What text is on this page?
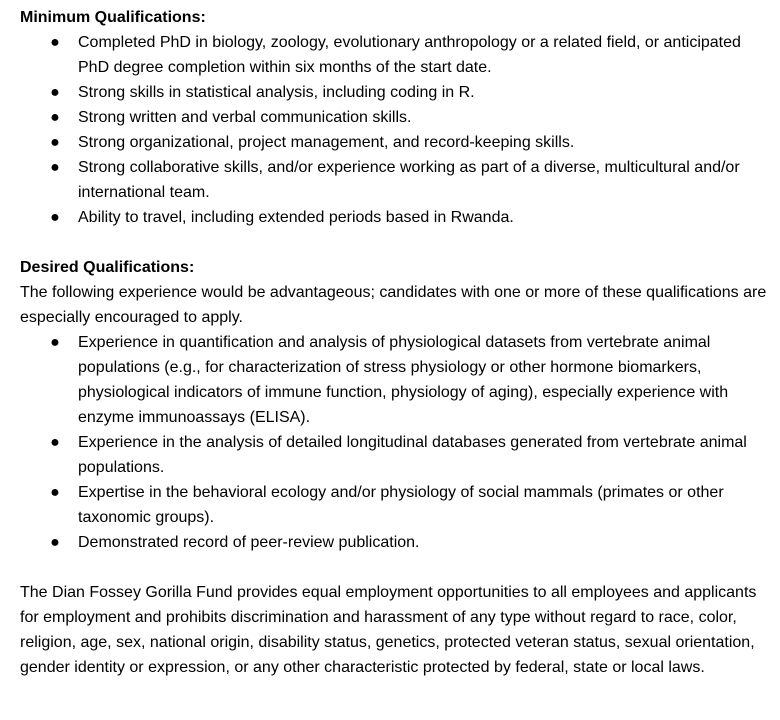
Minimum Qualifications:

● Completed PhD in biology, zoology, evolutionary anthropology or a related field, or anticipated PhD degree completion within six months of the start date.
● Strong skills in statistical analysis, including coding in R.
● Strong written and verbal communication skills.
● Strong organizational, project management, and record-keeping skills.
● Strong collaborative skills, and/or experience working as part of a diverse, multicultural and/or international team.
● Ability to travel, including extended periods based in Rwanda.

Desired Qualifications:

The following experience would be advantageous; candidates with one or more of these qualifications are especially encouraged to apply.

● Experience in quantification and analysis of physiological datasets from vertebrate animal populations (e.g., for characterization of stress physiology or other hormone biomarkers, physiological indicators of immune function, physiology of aging), especially experience with enzyme immunoassays (ELISA).
● Experience in the analysis of detailed longitudinal databases generated from vertebrate animal populations.
● Expertise in the behavioral ecology and/or physiology of social mammals (primates or other taxonomic groups).
● Demonstrated record of peer-review publication.

The Dian Fossey Gorilla Fund provides equal employment opportunities to all employees and applicants for employment and prohibits discrimination and harassment of any type without regard to race, color, religion, age, sex, national origin, disability status, genetics, protected veteran status, sexual orientation, gender identity or expression, or any other characteristic protected by federal, state or local laws.
